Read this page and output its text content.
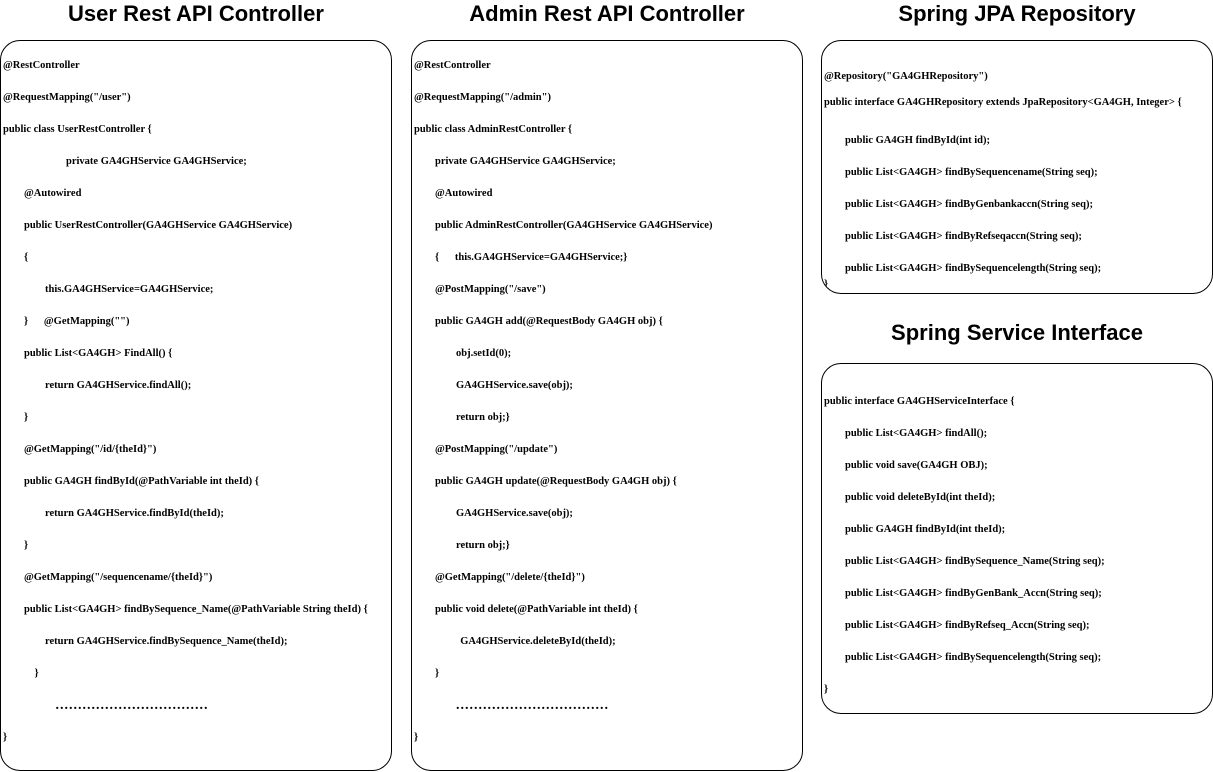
User Rest API Controller
@RestController
@RequestMapping("/user")
public class UserRestController {
private GA4GHService GA4GHService;
@Autowired
public UserRestController(GA4GHService GA4GHService)
{
this.GA4GHService=GA4GHService;
}      @GetMapping("")
public List<GA4GH> FindAll() {
return GA4GHService.findAll();
}
@GetMapping("/id/{theId}")
public GA4GH findById(@PathVariable int theId) {
return GA4GHService.findById(theId);
}
@GetMapping("/sequencename/{theId}")
public List<GA4GH> findBySequence_Name(@PathVariable String theId) {
return GA4GHService.findBySequence_Name(theId);
}
..................................
}
Admin Rest API Controller
@RestController
@RequestMapping("/admin")
public class AdminRestController {
private GA4GHService GA4GHService;
@Autowired
public AdminRestController(GA4GHService GA4GHService)
{      this.GA4GHService=GA4GHService;}
@PostMapping("/save")
public GA4GH add(@RequestBody GA4GH obj) {
obj.setId(0);
GA4GHService.save(obj);
return obj;}
@PostMapping("/update")
public GA4GH update(@RequestBody GA4GH obj) {
GA4GHService.save(obj);
return obj;}
@GetMapping("/delete/{theId}")
public void delete(@PathVariable int theId) {
GA4GHService.deleteById(theId);
}
..................................
}
Spring JPA Repository
@Repository("GA4GHRepository")
public interface GA4GHRepository extends JpaRepository<GA4GH, Integer> {
public GA4GH findById(int id);
public List<GA4GH> findBySequencename(String seq);
public List<GA4GH> findByGenbankaccn(String seq);
public List<GA4GH> findByRefseqaccn(String seq);
public List<GA4GH> findBySequencelength(String seq);
}
Spring Service Interface
public interface GA4GHServiceInterface {
public List<GA4GH> findAll();
public void save(GA4GH OBJ);
public void deleteById(int theId);
public GA4GH findById(int theId);
public List<GA4GH> findBySequence_Name(String seq);
public List<GA4GH> findByGenBank_Accn(String seq);
public List<GA4GH> findByRefseq_Accn(String seq);
public List<GA4GH> findBySequencelength(String seq);
}
